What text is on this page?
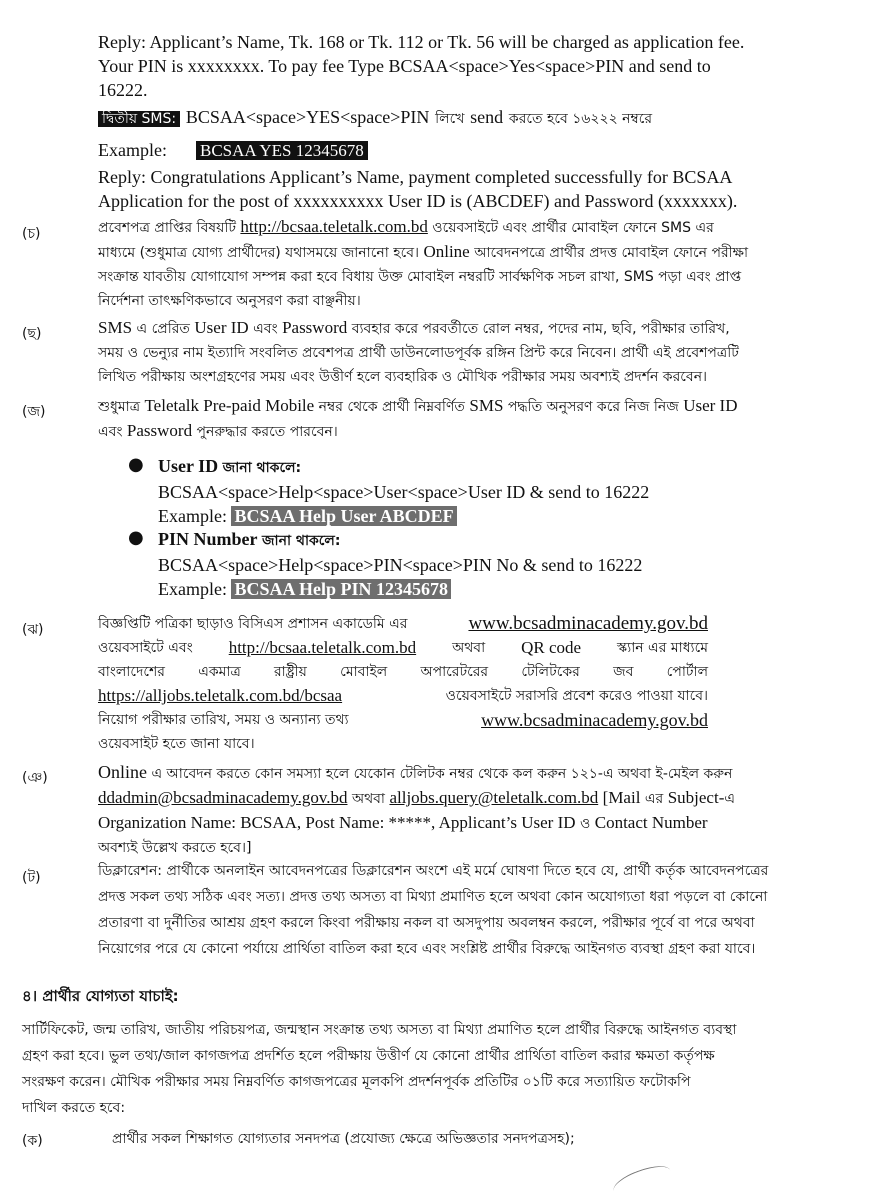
Reply: Applicant’s Name, Tk. 168 or Tk. 112 or Tk. 56 will be charged as application fee.
Your PIN is xxxxxxxx. To pay fee Type BCSAA<space>Yes<space>PIN and send to
16222.
দ্বিতীয় SMS: BCSAA<space>YES<space>PIN লিখে send করতে হবে ১৬২২২ নম্বরে
Example: BCSAA YES 12345678
Reply: Congratulations Applicant’s Name, payment completed successfully for BCSAA
Application for the post of xxxxxxxxxx User ID is (ABCDEF) and Password (xxxxxxx).
(চ)	প্রবেশপত্র প্রাপ্তির বিষয়টি http://bcsaa.teletalk.com.bd ওয়েবসাইটে এবং প্রার্থীর মোবাইল ফোনে SMS এর
মাধ্যমে (শুধুমাত্র যোগ্য প্রার্থীদের) যথাসময়ে জানানো হবে। Online আবেদনপত্রে প্রার্থীর প্রদত্ত মোবাইল ফোনে পরীক্ষা
সংক্রান্ত যাবতীয় যোগাযোগ সম্পন্ন করা হবে বিধায় উক্ত মোবাইল নম্বরটি সার্বক্ষণিক সচল রাখা, SMS পড়া এবং প্রাপ্ত
নির্দেশনা তাৎক্ষণিকভাবে অনুসরণ করা বাঞ্ছনীয়।
(ছ)	SMS এ প্রেরিত User ID এবং Password ব্যবহার করে পরবর্তীতে রোল নম্বর, পদের নাম, ছবি, পরীক্ষার তারিখ,
সময় ও ভেন্যুর নাম ইত্যাদি সংবলিত প্রবেশপত্র প্রার্থী ডাউনলোডপূর্বক রঙ্গিন প্রিন্ট করে নিবেন। প্রার্থী এই প্রবেশপত্রটি
লিখিত পরীক্ষায় অংশগ্রহণের সময় এবং উত্তীর্ণ হলে ব্যবহারিক ও মৌখিক পরীক্ষার সময় অবশ্যই প্রদর্শন করবেন।
(জ)	শুধুমাত্র Teletalk Pre-paid Mobile নম্বর থেকে প্রার্থী নিম্নবর্ণিত SMS পদ্ধতি অনুসরণ করে নিজ নিজ User ID
এবং Password পুনরুদ্ধার করতে পারবেন।
● User ID জানা থাকলে:
BCSAA<space>Help<space>User<space>User ID & send to 16222
Example: BCSAA Help User ABCDEF
● PIN Number জানা থাকলে:
BCSAA<space>Help<space>PIN<space>PIN No & send to 16222
Example: BCSAA Help PIN 12345678
(ঝ)	বিজ্ঞপ্তিটি পত্রিকা ছাড়াও বিসিএস প্রশাসন একাডেমি এর	www.bcsadminacademy.gov.bd
ওয়েবসাইটে এবং http://bcsaa.teletalk.com.bd	অথবা QR code	স্ক্যান এর মাধ্যমে
বাংলাদেশের একমাত্র রাষ্ট্রীয় মোবাইল অপারেটরের টেলিটকের জব পোর্টাল
https://alljobs.teletalk.com.bd/bcsaa	ওয়েবসাইটে সরাসরি প্রবেশ করেও পাওয়া যাবে।
নিয়োগ পরীক্ষার তারিখ, সময় ও অন্যান্য তথ্য	www.bcsadminacademy.gov.bd
ওয়েবসাইট হতে জানা যাবে।
(ঞ)	Online এ আবেদন করতে কোন সমস্যা হলে যেকোন টেলিটক নম্বর থেকে কল করুন ১২১-এ অথবা ই-মেইল করুন
ddadmin@bcsadminacademy.gov.bd অথবা alljobs.query@teletalk.com.bd [Mail এর Subject-এ
Organization Name: BCSAA, Post Name: *****, Applicant’s User ID ও Contact Number
অবশ্যই উল্লেখ করতে হবে।]
(ট)	ডিক্লারেশন: প্রার্থীকে অনলাইন আবেদনপত্রের ডিক্লারেশন অংশে এই মর্মে ঘোষণা দিতে হবে যে, প্রার্থী কর্তৃক আবেদনপত্রের
প্রদত্ত সকল তথ্য সঠিক এবং সত্য। প্রদত্ত তথ্য অসত্য বা মিথ্যা প্রমাণিত হলে অথবা কোন অযোগ্যতা ধরা পড়লে বা কোনো
প্রতারণা বা দুর্নীতির আশ্রয় গ্রহণ করলে কিংবা পরীক্ষায় নকল বা অসদুপায় অবলম্বন করলে, পরীক্ষার পূর্বে বা পরে অথবা
নিয়োগের পরে যে কোনো পর্যায়ে প্রার্থিতা বাতিল করা হবে এবং সংশ্লিষ্ট প্রার্থীর বিরুদ্ধে আইনগত ব্যবস্থা গ্রহণ করা যাবে।
৪। প্রার্থীর যোগ্যতা যাচাই:
সার্টিফিকেট, জন্ম তারিখ, জাতীয় পরিচয়পত্র, জন্মস্থান সংক্রান্ত তথ্য অসত্য বা মিথ্যা প্রমাণিত হলে প্রার্থীর বিরুদ্ধে আইনগত ব্যবস্থা
গ্রহণ করা হবে। ভুল তথ্য/জাল কাগজপত্র প্রদর্শিত হলে পরীক্ষায় উত্তীর্ণ যে কোনো প্রার্থীর প্রার্থিতা বাতিল করার ক্ষমতা কর্তৃপক্ষ
সংরক্ষণ করেন। মৌখিক পরীক্ষার সময় নিম্নবর্ণিত কাগজপত্রের মূলকপি প্রদর্শনপূর্বক প্রতিটির ০১টি করে সত্যায়িত ফটোকপি
দাখিল করতে হবে:
(ক)	প্রার্থীর সকল শিক্ষাগত যোগ্যতার সনদপত্র (প্রযোজ্য ক্ষেত্রে অভিজ্ঞতার সনদপত্রসহ);
